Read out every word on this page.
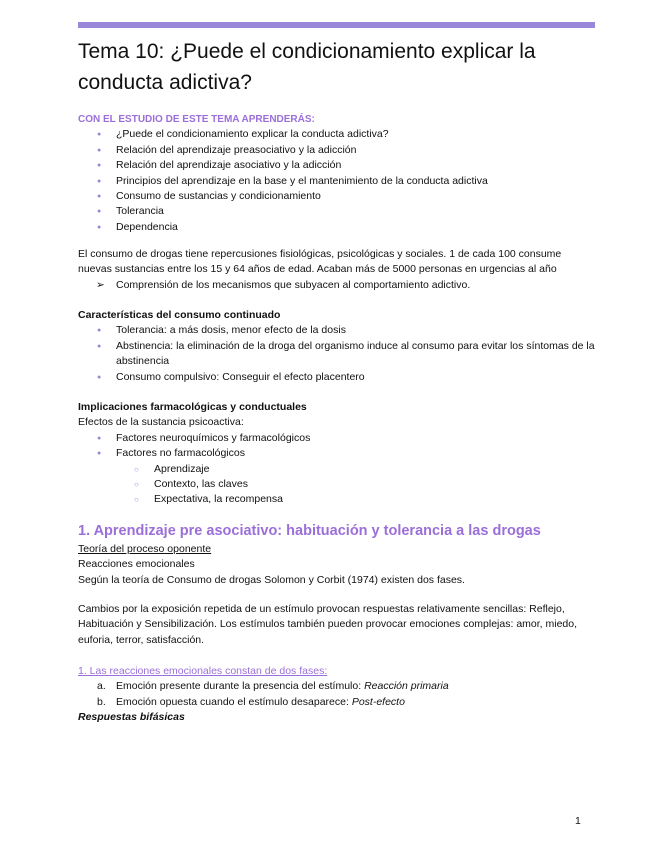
Tema 10: ¿Puede el condicionamiento explicar la conducta adictiva?
CON EL ESTUDIO DE ESTE TEMA APRENDERÁS:
● ¿Puede el condicionamiento explicar la conducta adictiva?
● Relación del aprendizaje preasociativo y la adicción
● Relación del aprendizaje asociativo y la adicción
● Principios del aprendizaje en la base y el mantenimiento de la conducta adictiva
● Consumo de sustancias y condicionamiento
● Tolerancia
● Dependencia
El consumo de drogas tiene repercusiones fisiológicas, psicológicas y sociales. 1 de cada 100 consume
nuevas sustancias entre los 15 y 64 años de edad. Acaban más de 5000 personas en urgencias al año
➢ Comprensión de los mecanismos que subyacen al comportamiento adictivo.
Características del consumo continuado
● Tolerancia: a más dosis, menor efecto de la dosis
● Abstinencia: la eliminación de la droga del organismo induce al consumo para evitar los síntomas de la abstinencia
● Consumo compulsivo: Conseguir el efecto placentero
Implicaciones farmacológicas y conductuales
Efectos de la sustancia psicoactiva:
● Factores neuroquímicos y farmacológicos
● Factores no farmacológicos
○ Aprendizaje
○ Contexto, las claves
○ Expectativa, la recompensa
1. Aprendizaje pre asociativo: habituación y tolerancia a las drogas
Teoría del proceso oponente
Reacciones emocionales
Según la teoría de Consumo de drogas Solomon y Corbit (1974) existen dos fases.
Cambios por la exposición repetida de un estímulo provocan respuestas relativamente sencillas: Reflejo, Habituación y Sensibilización. Los estímulos también pueden provocar emociones complejas: amor, miedo, euforia, terror, satisfacción.
1. Las reacciones emocionales constan de dos fases:
a. Emoción presente durante la presencia del estímulo: Reacción primaria
b. Emoción opuesta cuando el estímulo desaparece: Post-efecto
Respuestas bifásicas
1
